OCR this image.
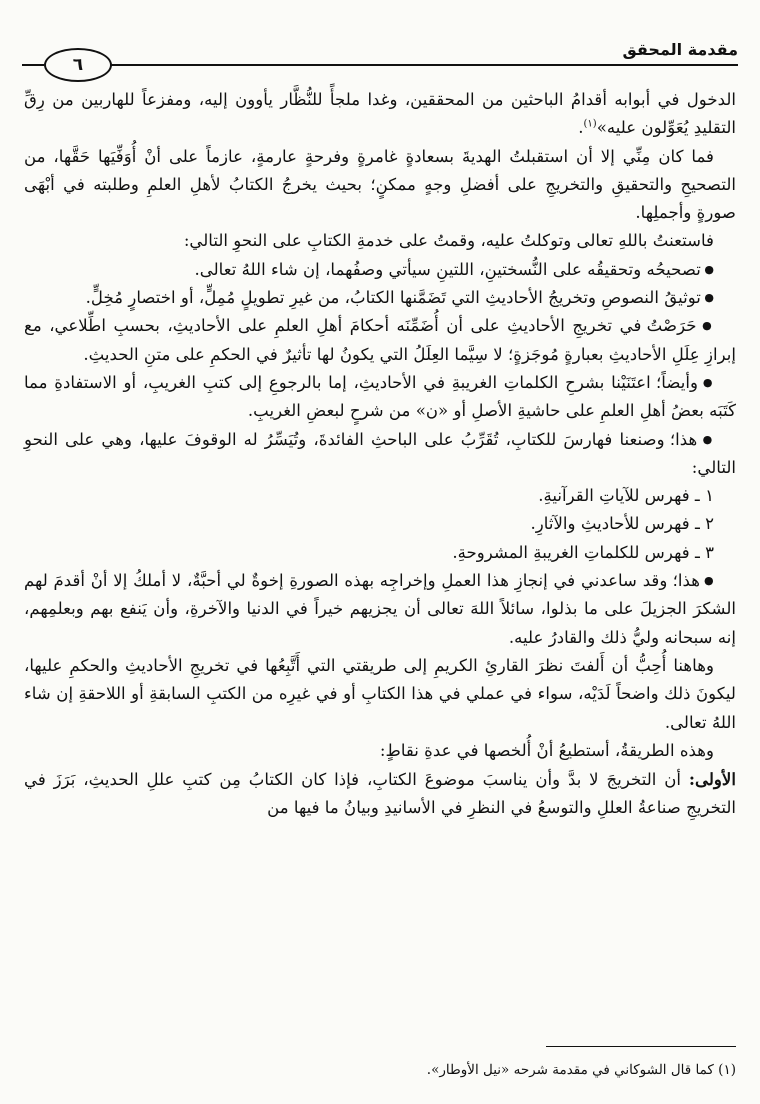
مقدمة المحقق
٦

الدخول في أبوابه أقدامُ الباحثين من المحققين، وغدا ملجأً للنُّظَّار يأوون إليه، ومفزعاً للهاربين من رِقِّ التقليدِ يُعَوِّلون عليه»$^{(١)}$.

فما كان مِنِّي إلا أن استقبلتُ الهديةَ بسعادةٍ غامرةٍ وفرحةٍ عارمةٍ، عازماً على أنْ أُوَفِّيَها حَقَّها، من التصحيحِ والتحقيقِ والتخريجِ على أفضلِ وجهٍ ممكنٍ؛ بحيث يخرجُ الكتابُ لأهلِ العلمِ وطلبته في أبْهَى صورةٍ وأجملِها.

فاستعنتُ باللهِ تعالى وتوكلتُ عليه، وقمتُ على خدمةِ الكتابِ على النحوِ التالي:

● تصحيحُه وتحقيقُه على النُّسختينِ، اللتينِ سيأتي وصفُهما، إن شاء اللهُ تعالى.

● توثيقُ النصوصِ وتخريجُ الأحاديثِ التي تَضَمَّنها الكتابُ، من غيرِ تطويلٍ مُمِلٍّ، أو اختصارٍ مُخِلٍّ.

● حَرَصْتُ في تخريجِ الأحاديثِ على أن أُضَمِّنَه أحكامَ أهلِ العلمِ على الأحاديثِ، بحسبِ اطِّلاعي، مع إبرازِ عِلَلِ الأحاديثِ بعبارةٍ مُوجَزةٍ؛ لا سِيَّما العِلَلُ التي يكونُ لها تأثيرٌ في الحكمِ على متنِ الحديثِ.

● وأيضاً؛ اعتَنَيْنا بشرحِ الكلماتِ الغريبةِ في الأحاديثِ، إما بالرجوعِ إلى كتبِ الغريبِ، أو الاستفادةِ مما كَتَبَه بعضُ أهلِ العلمِ على حاشيةِ الأصلِ أو «ن» من شرحٍ لبعضِ الغريبِ.

● هذا؛ وصنعنا فهارسَ للكتابِ، تُقَرِّبُ على الباحثِ الفائدةَ، وتُيَسِّرُ له الوقوفَ عليها، وهي على النحوِ التالي:

١ ـ فهرس للآياتِ القرآنيةِ.

٢ ـ فهرس للأحاديثِ والآثارِ.

٣ ـ فهرس للكلماتِ الغريبةِ المشروحةِ.

● هذا؛ وقد ساعدني في إنجازِ هذا العملِ وإخراجِه بهذه الصورةِ إخوةٌ لي أحبَّةٌ، لا أملكُ إلا أنْ أقدمَ لهم الشكرَ الجزيلَ على ما بذلوا، سائلاً اللهَ تعالى أن يجزيهم خيراً في الدنيا والآخرةِ، وأن يَنفع بهم وبعلمِهم، إنه سبحانه وليُّ ذلك والقادرُ عليه.

وهاهنا أُحِبُّ أن أَلفتَ نظرَ القارئِ الكريمِ إلى طريقتي التي أَتَّبِعُها في تخريجِ الأحاديثِ والحكمِ عليها، ليكونَ ذلك واضحاً لَدَيْه، سواء في عملي في هذا الكتابِ أو في غيرِه من الكتبِ السابقةِ أو اللاحقةِ إن شاء اللهُ تعالى.

وهذه الطريقةُ، أستطيعُ أنْ أُلخصها في عدةِ نقاطٍ:

الأولى: أن التخريجَ لا بدَّ وأن يناسبَ موضوعَ الكتابِ، فإذا كان الكتابُ مِن كتبِ عللِ الحديثِ، بَرَزَ في التخريجِ صناعةُ العللِ والتوسعُ في النظرِ في الأسانيدِ وبيانُ ما فيها من

(١) كما قال الشوكاني في مقدمة شرحه «نيل الأوطار».
